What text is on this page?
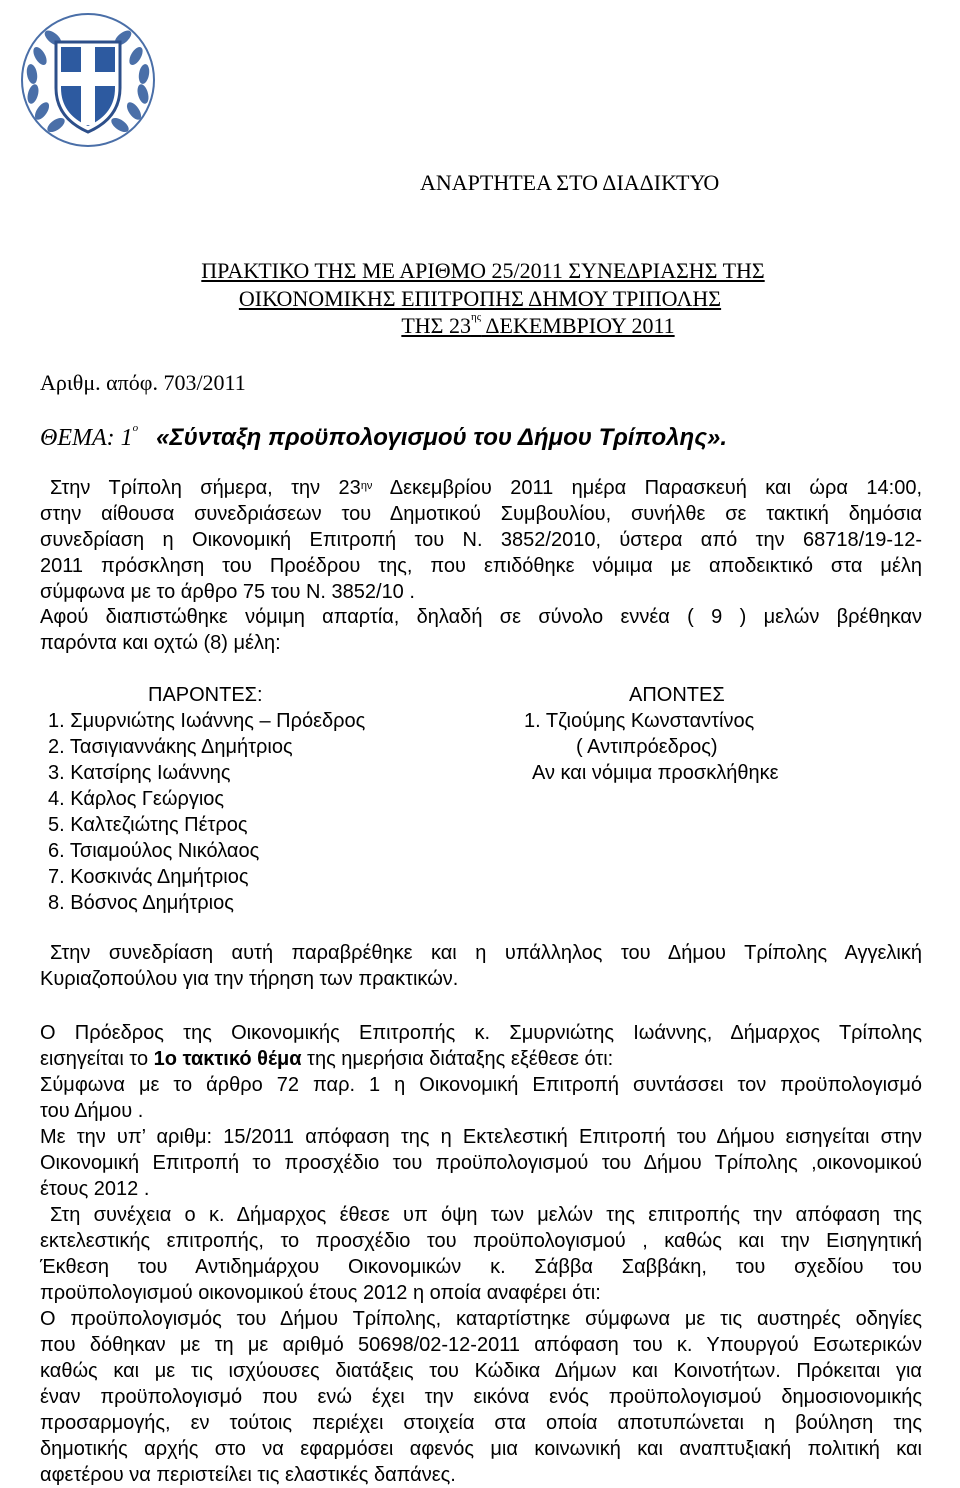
ΑΝΑΡΤΗΤΕΑ ΣΤΟ ΔΙΑΔΙΚΤΥΟ
ΠΡΑΚΤΙΚΟ ΤΗΣ ΜΕ ΑΡΙΘΜΟ 25/2011 ΣΥΝΕΔΡΙΑΣΗΣ ΤΗΣ
ΟΙΚΟΝΟΜΙΚΗΣ ΕΠΙΤΡΟΠΗΣ ΔΗΜΟΥ ΤΡΙΠΟΛΗΣ
ΤΗΣ $23^{\eta\varsigma}$ ΔΕΚΕΜΒΡΙΟΥ 2011
Αριθμ. απόφ. 703/2011
ΘΕΜΑ: $1^o$ «Σύνταξη προϋπολογισμού του Δήμου Τρίπολης».
Στην Τρίπολη σήμερα, την $23^{\eta\nu}$ Δεκεμβρίου 2011 ημέρα Παρασκευή και ώρα 14:00,
στην αίθουσα συνεδριάσεων του Δημοτικού Συμβουλίου, συνήλθε σε τακτική δημόσια
συνεδρίαση η Οικονομική Επιτροπή του Ν. 3852/2010, ύστερα από την 68718/19-12-
2011 πρόσκληση του Προέδρου της, που επιδόθηκε νόμιμα με αποδεικτικό στα μέλη
σύμφωνα με το άρθρο 75 του Ν. 3852/10 .
Αφού διαπιστώθηκε νόμιμη απαρτία, δηλαδή σε σύνολο εννέα ( 9 ) μελών βρέθηκαν
παρόντα και οχτώ (8) μέλη:
ΠΑΡΟΝΤΕΣ:
1. Σμυρνιώτης Ιωάννης – Πρόεδρος
2. Τασιγιαννάκης Δημήτριος
3. Κατσίρης Ιωάννης
4. Κάρλος Γεώργιος
5. Καλτεζιώτης Πέτρος
6. Τσιαμούλος Νικόλαος
7. Κοσκινάς Δημήτριος
8. Βόσνος Δημήτριος
ΑΠΟΝΤΕΣ
1. Τζιούμης Κωνσταντίνος
( Αντιπρόεδρος)
Αν και νόμιμα προσκλήθηκε
Στην συνεδρίαση αυτή παραβρέθηκε και η υπάλληλος του Δήμου Τρίπολης Αγγελική
Κυριαζοπούλου για την τήρηση των πρακτικών.
Ο Πρόεδρος της Οικονομικής Επιτροπής κ. Σμυρνιώτης Ιωάννης, Δήμαρχος Τρίπολης
εισηγείται το 1ο τακτικό θέμα της ημερήσια διάταξης εξέθεσε ότι:
Σύμφωνα με το άρθρο 72 παρ. 1 η Οικονομική Επιτροπή συντάσσει τον προϋπολογισμό
του Δήμου .
Με την υπ’ αριθμ: 15/2011 απόφαση της η Εκτελεστική Επιτροπή του Δήμου εισηγείται στην
Οικονομική Επιτροπή το προσχέδιο του προϋπολογισμού του Δήμου Τρίπολης ,οικονομικού
έτους 2012 .
Στη συνέχεια ο κ. Δήμαρχος έθεσε υπ όψη των μελών της επιτροπής την απόφαση της
εκτελεστικής επιτροπής, το προσχέδιο του προϋπολογισμού , καθώς και την Εισηγητική
Έκθεση του Αντιδημάρχου Οικονομικών κ. Σάββα Σαββάκη, του σχεδίου του
προϋπολογισμού οικονομικού έτους 2012 η οποία αναφέρει ότι:
Ο προϋπολογισμός του Δήμου Τρίπολης, καταρτίστηκε σύμφωνα με τις αυστηρές οδηγίες
που δόθηκαν με τη με αριθμό 50698/02-12-2011 απόφαση του κ. Υπουργού Εσωτερικών
καθώς και με τις ισχύουσες διατάξεις του Κώδικα Δήμων και Κοινοτήτων. Πρόκειται για
έναν προϋπολογισμό που ενώ έχει την εικόνα ενός προϋπολογισμού δημοσιονομικής
προσαρμογής, εν τούτοις περιέχει στοιχεία στα οποία αποτυπώνεται η βούληση της
δημοτικής αρχής στο να εφαρμόσει αφενός μια κοινωνική και αναπτυξιακή πολιτική και
αφετέρου να περιστείλει τις ελαστικές δαπάνες.
